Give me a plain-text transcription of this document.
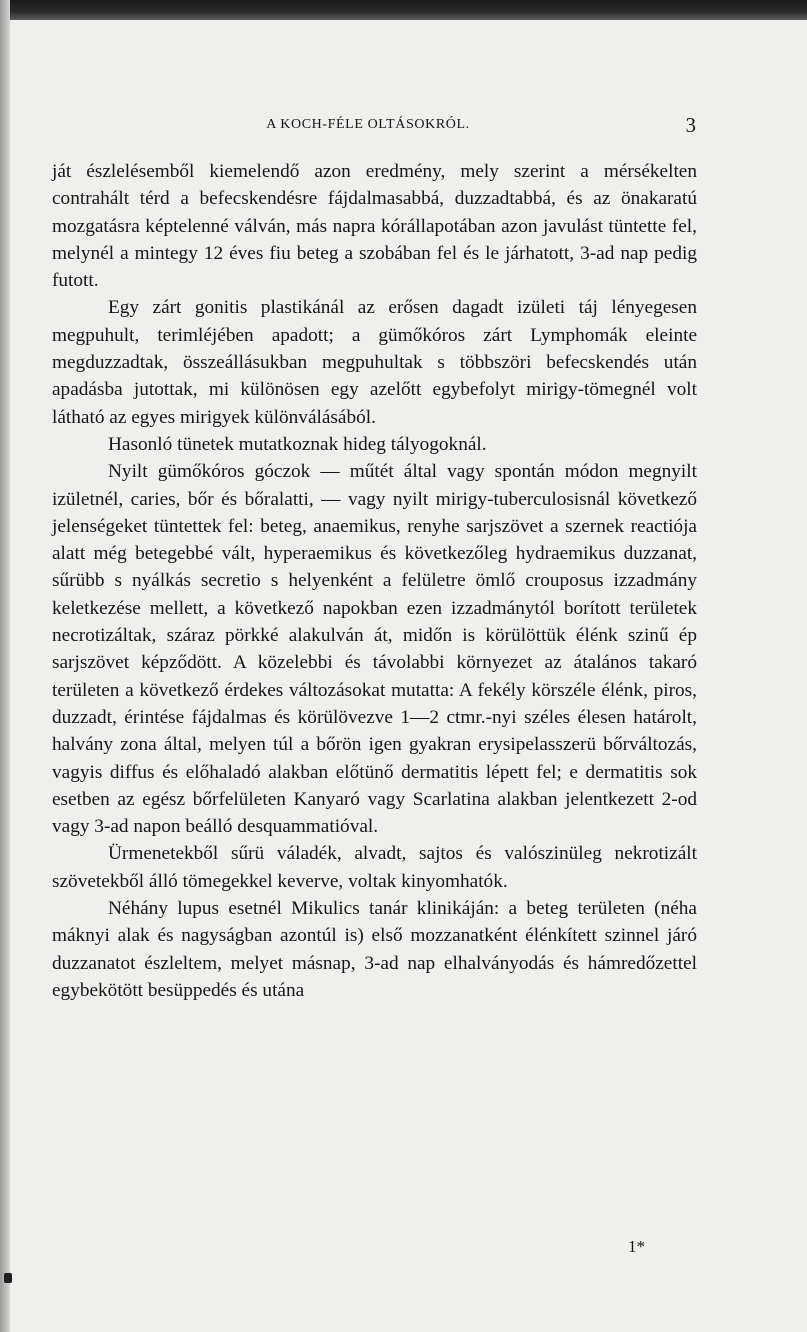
A KOCH-FÉLE OLTÁSOKRÓL.	3

ját észlelésemből kiemelendő azon eredmény, mely szerint a mérsékelten contrahált térd a befecskendésre fájdalmasabbá, duzzadtabbá, és az önakaratú mozgatásra képtelenné válván, más napra kórállapotában azon javulást tüntette fel, melynél a mintegy 12 éves fiu beteg a szobában fel és le járhatott, 3-ad nap pedig futott.

Egy zárt gonitis plastikánál az erősen dagadt izületi táj lényegesen megpuhult, terimléjében apadott; a gümőkóros zárt Lymphomák eleinte megduzzadtak, összeállásukban megpuhultak s többszöri befecskendés után apadásba jutottak, mi különösen egy azelőtt egybefolyt mirigy-tömegnél volt látható az egyes mirigyek különválásából.

Hasonló tünetek mutatkoznak hideg tályogoknál.

Nyilt gümőkóros góczok — műtét által vagy spontán módon megnyilt izületnél, caries, bőr és bőralatti, — vagy nyilt mirigy-tuberculosisnál következő jelenségeket tüntettek fel: beteg, anaemikus, renyhe sarjszövet a szernek reactiója alatt még betegebbé vált, hyperaemikus és következőleg hydraemikus duzzanat, sűrübb s nyálkás secretio s helyenként a felületre ömlő crouposus izzadmány keletkezése mellett, a következő napokban ezen izzadmánytól borított területek necrotizáltak, száraz pörkké alakulván át, midőn is körülöttük élénk szinű ép sarjszövet képződött. A közelebbi és távolabbi környezet az átalános takaró területen a következő érdekes változásokat mutatta: A fekély körszéle élénk, piros, duzzadt, érintése fájdalmas és körülövezve 1—2 ctmr.-nyi széles élesen határolt, halvány zona által, melyen túl a bőrön igen gyakran erysipelasszerü bőrváltozás, vagyis diffus és előhaladó alakban előtünő dermatitis lépett fel; e dermatitis sok esetben az egész bőrfelületen Kanyaró vagy Scarlatina alakban jelentkezett 2-od vagy 3-ad napon beálló desquammatióval.

Ürmenetekből sűrü váladék, alvadt, sajtos és valószinüleg nekrotizált szövetekből álló tömegekkel keverve, voltak kinyomhatók.

Néhány lupus esetnél Mikulics tanár klinikáján: a beteg területen (néha máknyi alak és nagyságban azontúl is) első mozzanatként élénkített szinnel járó duzzanatot észleltem, melyet másnap, 3-ad nap elhalványodás és hámredőzettel egybekötött besüppedés és utána

1*
